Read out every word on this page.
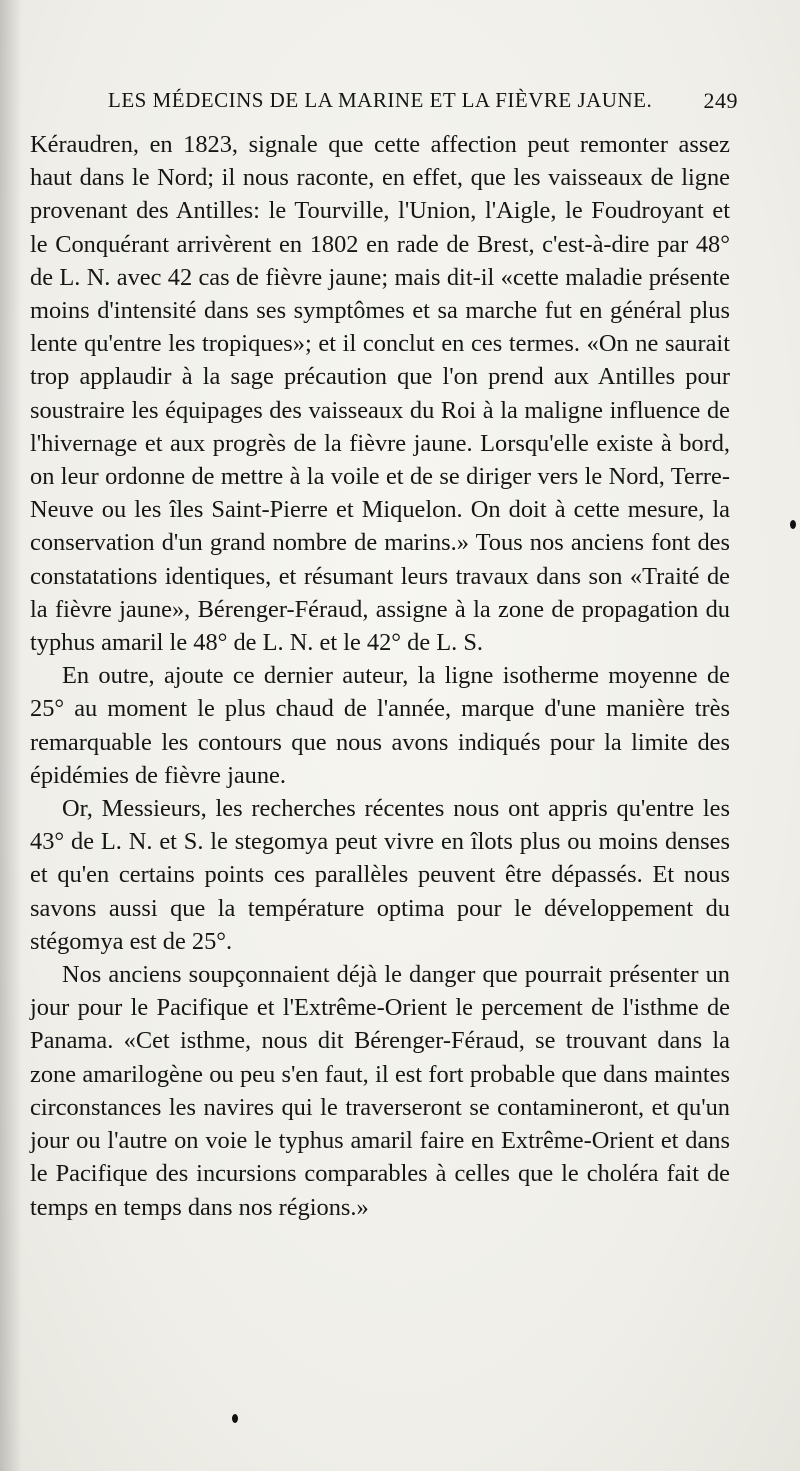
LES MÉDECINS DE LA MARINE ET LA FIÈVRE JAUNE. 249

Kéraudren, en 1823, signale que cette affection peut remonter assez haut dans le Nord; il nous raconte, en effet, que les vaisseaux de ligne provenant des Antilles: le Tourville, l'Union, l'Aigle, le Foudroyant et le Conquérant arrivèrent en 1802 en rade de Brest, c'est-à-dire par 48° de L. N. avec 42 cas de fièvre jaune; mais dit-il «cette maladie présente moins d'intensité dans ses symptômes et sa marche fut en général plus lente qu'entre les tropiques»; et il conclut en ces termes. «On ne saurait trop applaudir à la sage précaution que l'on prend aux Antilles pour soustraire les équipages des vaisseaux du Roi à la maligne influence de l'hivernage et aux progrès de la fièvre jaune. Lorsqu'elle existe à bord, on leur ordonne de mettre à la voile et de se diriger vers le Nord, Terre-Neuve ou les îles Saint-Pierre et Miquelon. On doit à cette mesure, la conservation d'un grand nombre de marins.» Tous nos anciens font des constatations identiques, et résumant leurs travaux dans son «Traité de la fièvre jaune», Bérenger-Féraud, assigne à la zone de propagation du typhus amaril le 48° de L. N. et le 42° de L. S.

En outre, ajoute ce dernier auteur, la ligne isotherme moyenne de 25° au moment le plus chaud de l'année, marque d'une manière très remarquable les contours que nous avons indiqués pour la limite des épidémies de fièvre jaune.

Or, Messieurs, les recherches récentes nous ont appris qu'entre les 43° de L. N. et S. le stegomya peut vivre en îlots plus ou moins denses et qu'en certains points ces parallèles peuvent être dépassés. Et nous savons aussi que la température optima pour le développement du stégomya est de 25°.

Nos anciens soupçonnaient déjà le danger que pourrait présenter un jour pour le Pacifique et l'Extrême-Orient le percement de l'isthme de Panama. «Cet isthme, nous dit Bérenger-Féraud, se trouvant dans la zone amarilogène ou peu s'en faut, il est fort probable que dans maintes circonstances les navires qui le traverseront se contamineront, et qu'un jour ou l'autre on voie le typhus amaril faire en Extrême-Orient et dans le Pacifique des incursions comparables à celles que le choléra fait de temps en temps dans nos régions.»
